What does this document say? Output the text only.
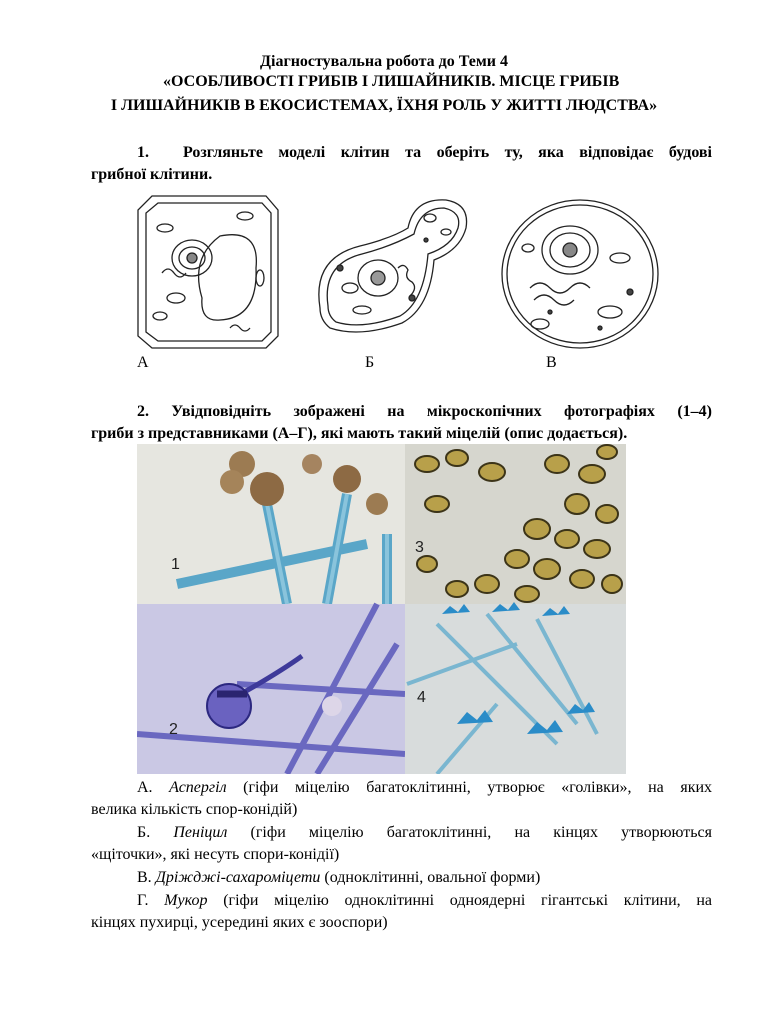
Діагностувальна робота до Теми 4
«ОСОБЛИВОСТІ ГРИБІВ І ЛИШАЙНИКІВ. МІСЦЕ ГРИБІВ
І ЛИШАЙНИКІВ В ЕКОСИСТЕМАХ, ЇХНЯ РОЛЬ У ЖИТТІ ЛЮДСТВА»
1. Розгляньте моделі клітин та оберіть ту, яка відповідає будові
грибної клітини.
А	Б	В
2. Увідповідніть зображені на мікроскопічних фотографіях (1–4)
гриби з представниками (А–Г), які мають такий міцелій (опис додається).
1
3
2
4
А. Аспергіл (гіфи міцелію багатоклітинні, утворює «голівки», на яких
велика кількість спор-конідій)
Б. Пеніцил (гіфи міцелію багатоклітинні, на кінцях утворюються
«щіточки», які несуть спори-конідії)
В. Дріжджі-сахароміцети (одноклітинні, овальної форми)
Г. Мукор (гіфи міцелію одноклітинні одноядерні гігантські клітини, на
кінцях пухирці, усередині яких є зооспори)
